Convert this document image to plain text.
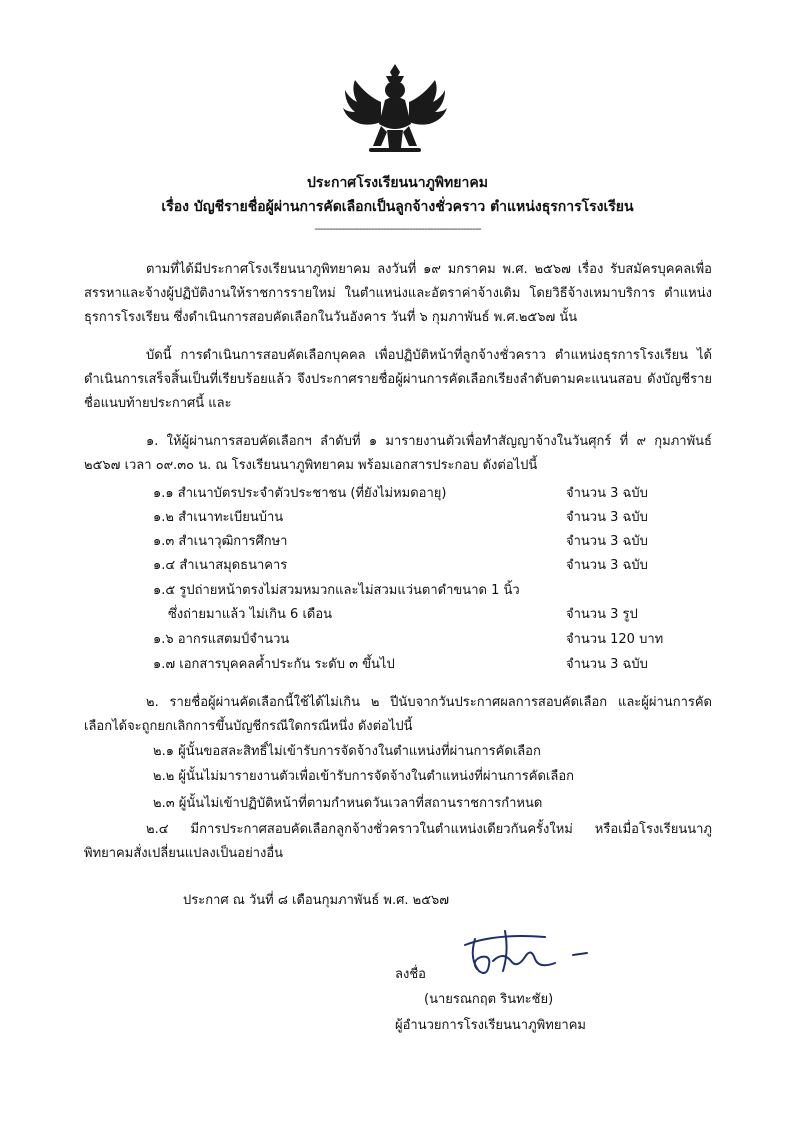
ประกาศโรงเรียนนาภูพิทยาคม
เรื่อง บัญชีรายชื่อผู้ผ่านการคัดเลือกเป็นลูกจ้างชั่วคราว ตำแหน่งธุรการโรงเรียน
--------------------------------------------------------
ตามที่ได้มีประกาศโรงเรียนนาภูพิทยาคม ลงวันที่ ๑๙ มกราคม พ.ศ. ๒๕๖๗ เรื่อง รับสมัครบุคคลเพื่อสรรหาและจ้างผู้ปฏิบัติงานให้ราชการรายใหม่ ในตำแหน่งและอัตราค่าจ้างเดิม โดยวิธีจ้างเหมาบริการ ตำแหน่งธุรการโรงเรียน ซึ่งดำเนินการสอบคัดเลือกในวันอังคาร วันที่ ๖ กุมภาพันธ์ พ.ศ.๒๕๖๗ นั้น
บัดนี้ การดำเนินการสอบคัดเลือกบุคคล เพื่อปฏิบัติหน้าที่ลูกจ้างชั่วคราว ตำแหน่งธุรการโรงเรียน ได้ดำเนินการเสร็จสิ้นเป็นที่เรียบร้อยแล้ว จึงประกาศรายชื่อผู้ผ่านการคัดเลือกเรียงลำดับตามคะแนนสอบ ดังบัญชีรายชื่อแนบท้ายประกาศนี้ และ
๑. ให้ผู้ผ่านการสอบคัดเลือกฯ ลำดับที่ ๑ มารายงานตัวเพื่อทำสัญญาจ้างในวันศุกร์ ที่ ๙ กุมภาพันธ์ ๒๕๖๗ เวลา ๐๙.๓๐ น. ณ โรงเรียนนาภูพิทยาคม พร้อมเอกสารประกอบ ดังต่อไปนี้
๑.๑ สำเนาบัตรประจำตัวประชาชน (ที่ยังไม่หมดอายุ)	จำนวน 3 ฉบับ
๑.๒ สำเนาทะเบียนบ้าน	จำนวน 3 ฉบับ
๑.๓ สำเนาวุฒิการศึกษา	จำนวน 3 ฉบับ
๑.๔ สำเนาสมุดธนาคาร	จำนวน 3 ฉบับ
๑.๕ รูปถ่ายหน้าตรงไม่สวมหมวกและไม่สวมแว่นตาดำขนาด 1 นิ้ว
ซึ่งถ่ายมาแล้ว ไม่เกิน 6 เดือน	จำนวน 3 รูป
๑.๖ อากรแสตมป์จำนวน	จำนวน 120 บาท
๑.๗ เอกสารบุคคลค้ำประกัน ระดับ ๓ ขึ้นไป	จำนวน 3 ฉบับ
๒. รายชื่อผู้ผ่านคัดเลือกนี้ใช้ได้ไม่เกิน ๒ ปีนับจากวันประกาศผลการสอบคัดเลือก และผู้ผ่านการคัดเลือกได้จะถูกยกเลิกการขึ้นบัญชีกรณีใดกรณีหนึ่ง ดังต่อไปนี้
๒.๑ ผู้นั้นขอสละสิทธิ์ไม่เข้ารับการจัดจ้างในตำแหน่งที่ผ่านการคัดเลือก
๒.๒ ผู้นั้นไม่มารายงานตัวเพื่อเข้ารับการจัดจ้างในตำแหน่งที่ผ่านการคัดเลือก
๒.๓ ผู้นั้นไม่เข้าปฏิบัติหน้าที่ตามกำหนดวันเวลาที่สถานราชการกำหนด
๒.๔ มีการประกาศสอบคัดเลือกลูกจ้างชั่วคราวในตำแหน่งเดียวกันครั้งใหม่ หรือเมื่อโรงเรียนนาภูพิทยาคมสั่งเปลี่ยนแปลงเป็นอย่างอื่น
ประกาศ ณ วันที่ ๘ เดือนกุมภาพันธ์ พ.ศ. ๒๕๖๗
ลงชื่อ
(นายรณกฤต รินทะชัย)
ผู้อำนวยการโรงเรียนนาภูพิทยาคม
